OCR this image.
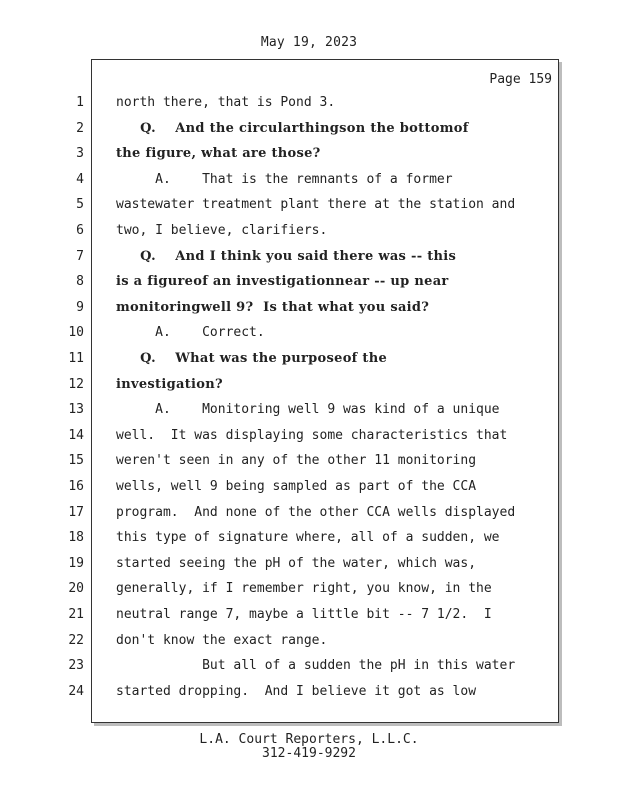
May 19, 2023
Page 159
1 north there, that is Pond 3.
2 Q.    And the circularthingson the bottomof
3 the figure, what are those?
4 A.    That is the remnants of a former
5 wastewater treatment plant there at the station and
6 two, I believe, clarifiers.
7 Q.    And I think you said there was -- this
8 is a figureof an investigationnear -- up near
9 monitoringwell 9?  Is that what you said?
10 A.    Correct.
11 Q.    What was the purposeof the
12 investigation?
13 A.    Monitoring well 9 was kind of a unique
14 well.  It was displaying some characteristics that
15 weren't seen in any of the other 11 monitoring
16 wells, well 9 being sampled as part of the CCA
17 program.  And none of the other CCA wells displayed
18 this type of signature where, all of a sudden, we
19 started seeing the pH of the water, which was,
20 generally, if I remember right, you know, in the
21 neutral range 7, maybe a little bit -- 7 1/2.  I
22 don't know the exact range.
23 But all of a sudden the pH in this water
24 started dropping.  And I believe it got as low
L.A. Court Reporters, L.L.C.
312-419-9292
